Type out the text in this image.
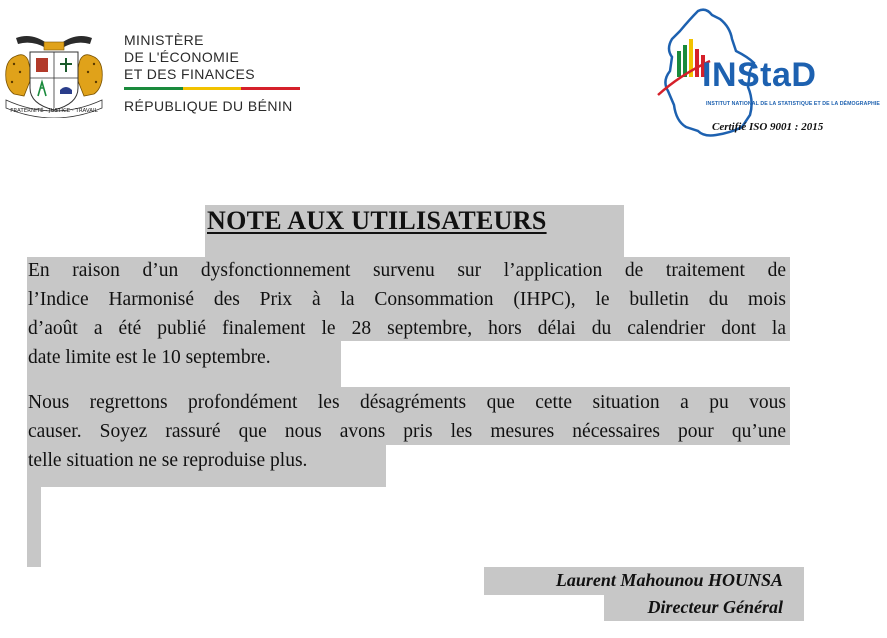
FRATERNITÉ · JUSTICE · TRAVAIL
MINISTÈRE
DE L'ÉCONOMIE
ET DES FINANCES
RÉPUBLIQUE DU BÉNIN
INStaD
INSTITUT NATIONAL DE LA STATISTIQUE ET DE LA DÉMOGRAPHIE
Certifié ISO 9001 : 2015
NOTE AUX UTILISATEURS
En raison d’un dysfonctionnement survenu sur l’application de traitement de
l’Indice Harmonisé des Prix à la Consommation (IHPC), le bulletin du mois
d’août a été publié finalement le 28 septembre, hors délai du calendrier dont la
date limite est le 10 septembre.
Nous regrettons profondément les désagréments que cette situation a pu vous
causer. Soyez rassuré que nous avons pris les mesures nécessaires pour qu’une
telle situation ne se reproduise plus.
Laurent Mahounou HOUNSA
Directeur Général
